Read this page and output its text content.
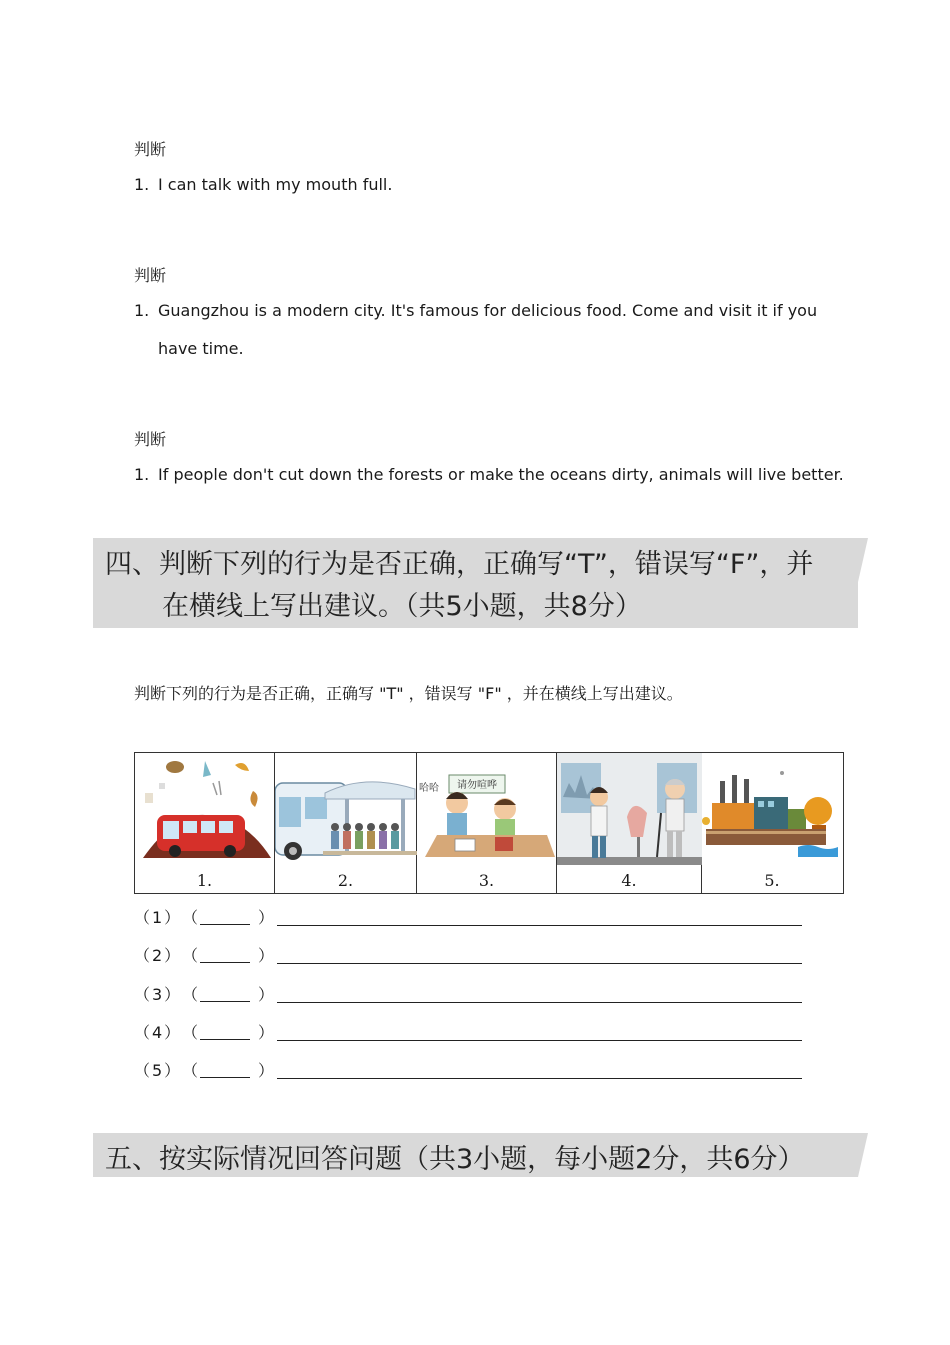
判断
1. I can talk with my mouth full.
判断
1. Guangzhou is a modern city. It's famous for delicious food. Come and visit it if you
have time.
判断
1. If people don't cut down the forests or make the oceans dirty, animals will live better.
四、判断下列的行为是否正确，正确写“T”，错误写“F”，并
在横线上写出建议。（共5小题，共8分）
判断下列的行为是否正确，正确写 "T" ，错误写 "F" ，并在横线上写出建议。
1.	2.
请勿喧哗
哈哈
3.	4.	5.
（1） （	）
（2） （	）
（3） （	）
（4） （	）
（5） （	）
五、按实际情况回答问题（共3小题，每小题2分，共6分）
